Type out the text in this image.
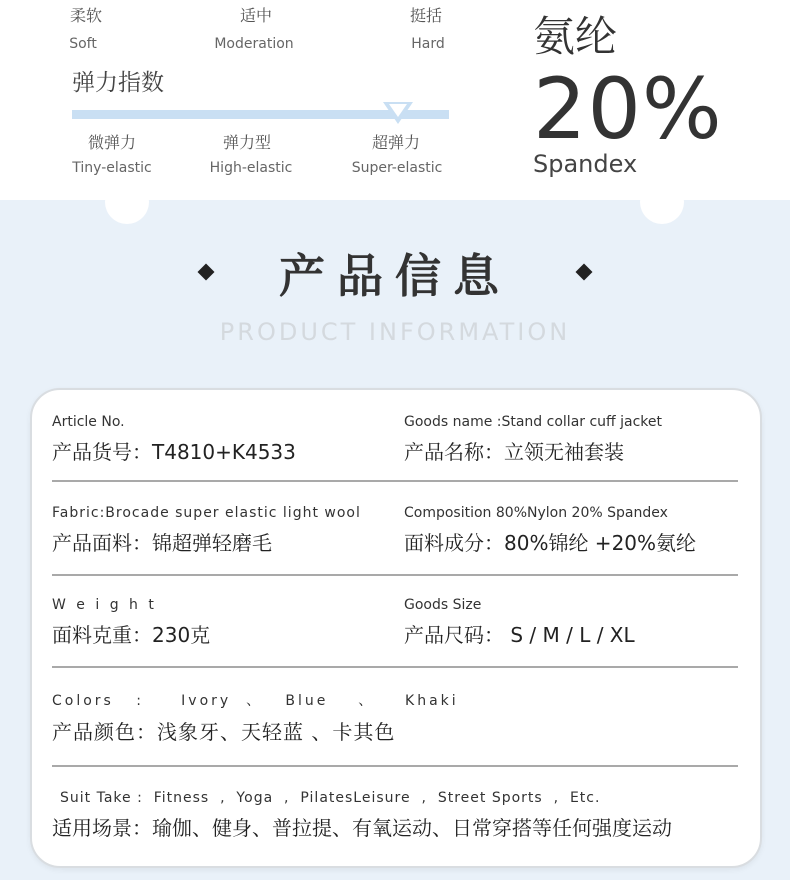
柔软
Soft
适中
Moderation
挺括
Hard
弹力指数
微弹力
Tiny-elastic
弹力型
High-elastic
超弹力
Super-elastic
氨纶
20%
Spandex
产品信息
PRODUCT INFORMATION
Article No.
产品货号：T4810+K4533
Goods name :Stand collar cuff jacket
产品名称：立领无袖套装
Fabric:Brocade super elastic light wool
产品面料：锦超弹轻磨毛
Composition 80%Nylon 20% Spandex
面料成分：80%锦纶 +20%氨纶
W e i g h t
面料克重：230克
Goods Size
产品尺码： S / M / L / XL
Colors   :     Ivory  、   Blue    、    Khaki
产品颜色：浅象牙、天轻蓝 、卡其色
Suit Take :  Fitness  ,  Yoga  ,  PilatesLeisure  ,  Street Sports  ,  Etc.
适用场景：瑜伽、健身、普拉提、有氧运动、日常穿搭等任何强度运动
